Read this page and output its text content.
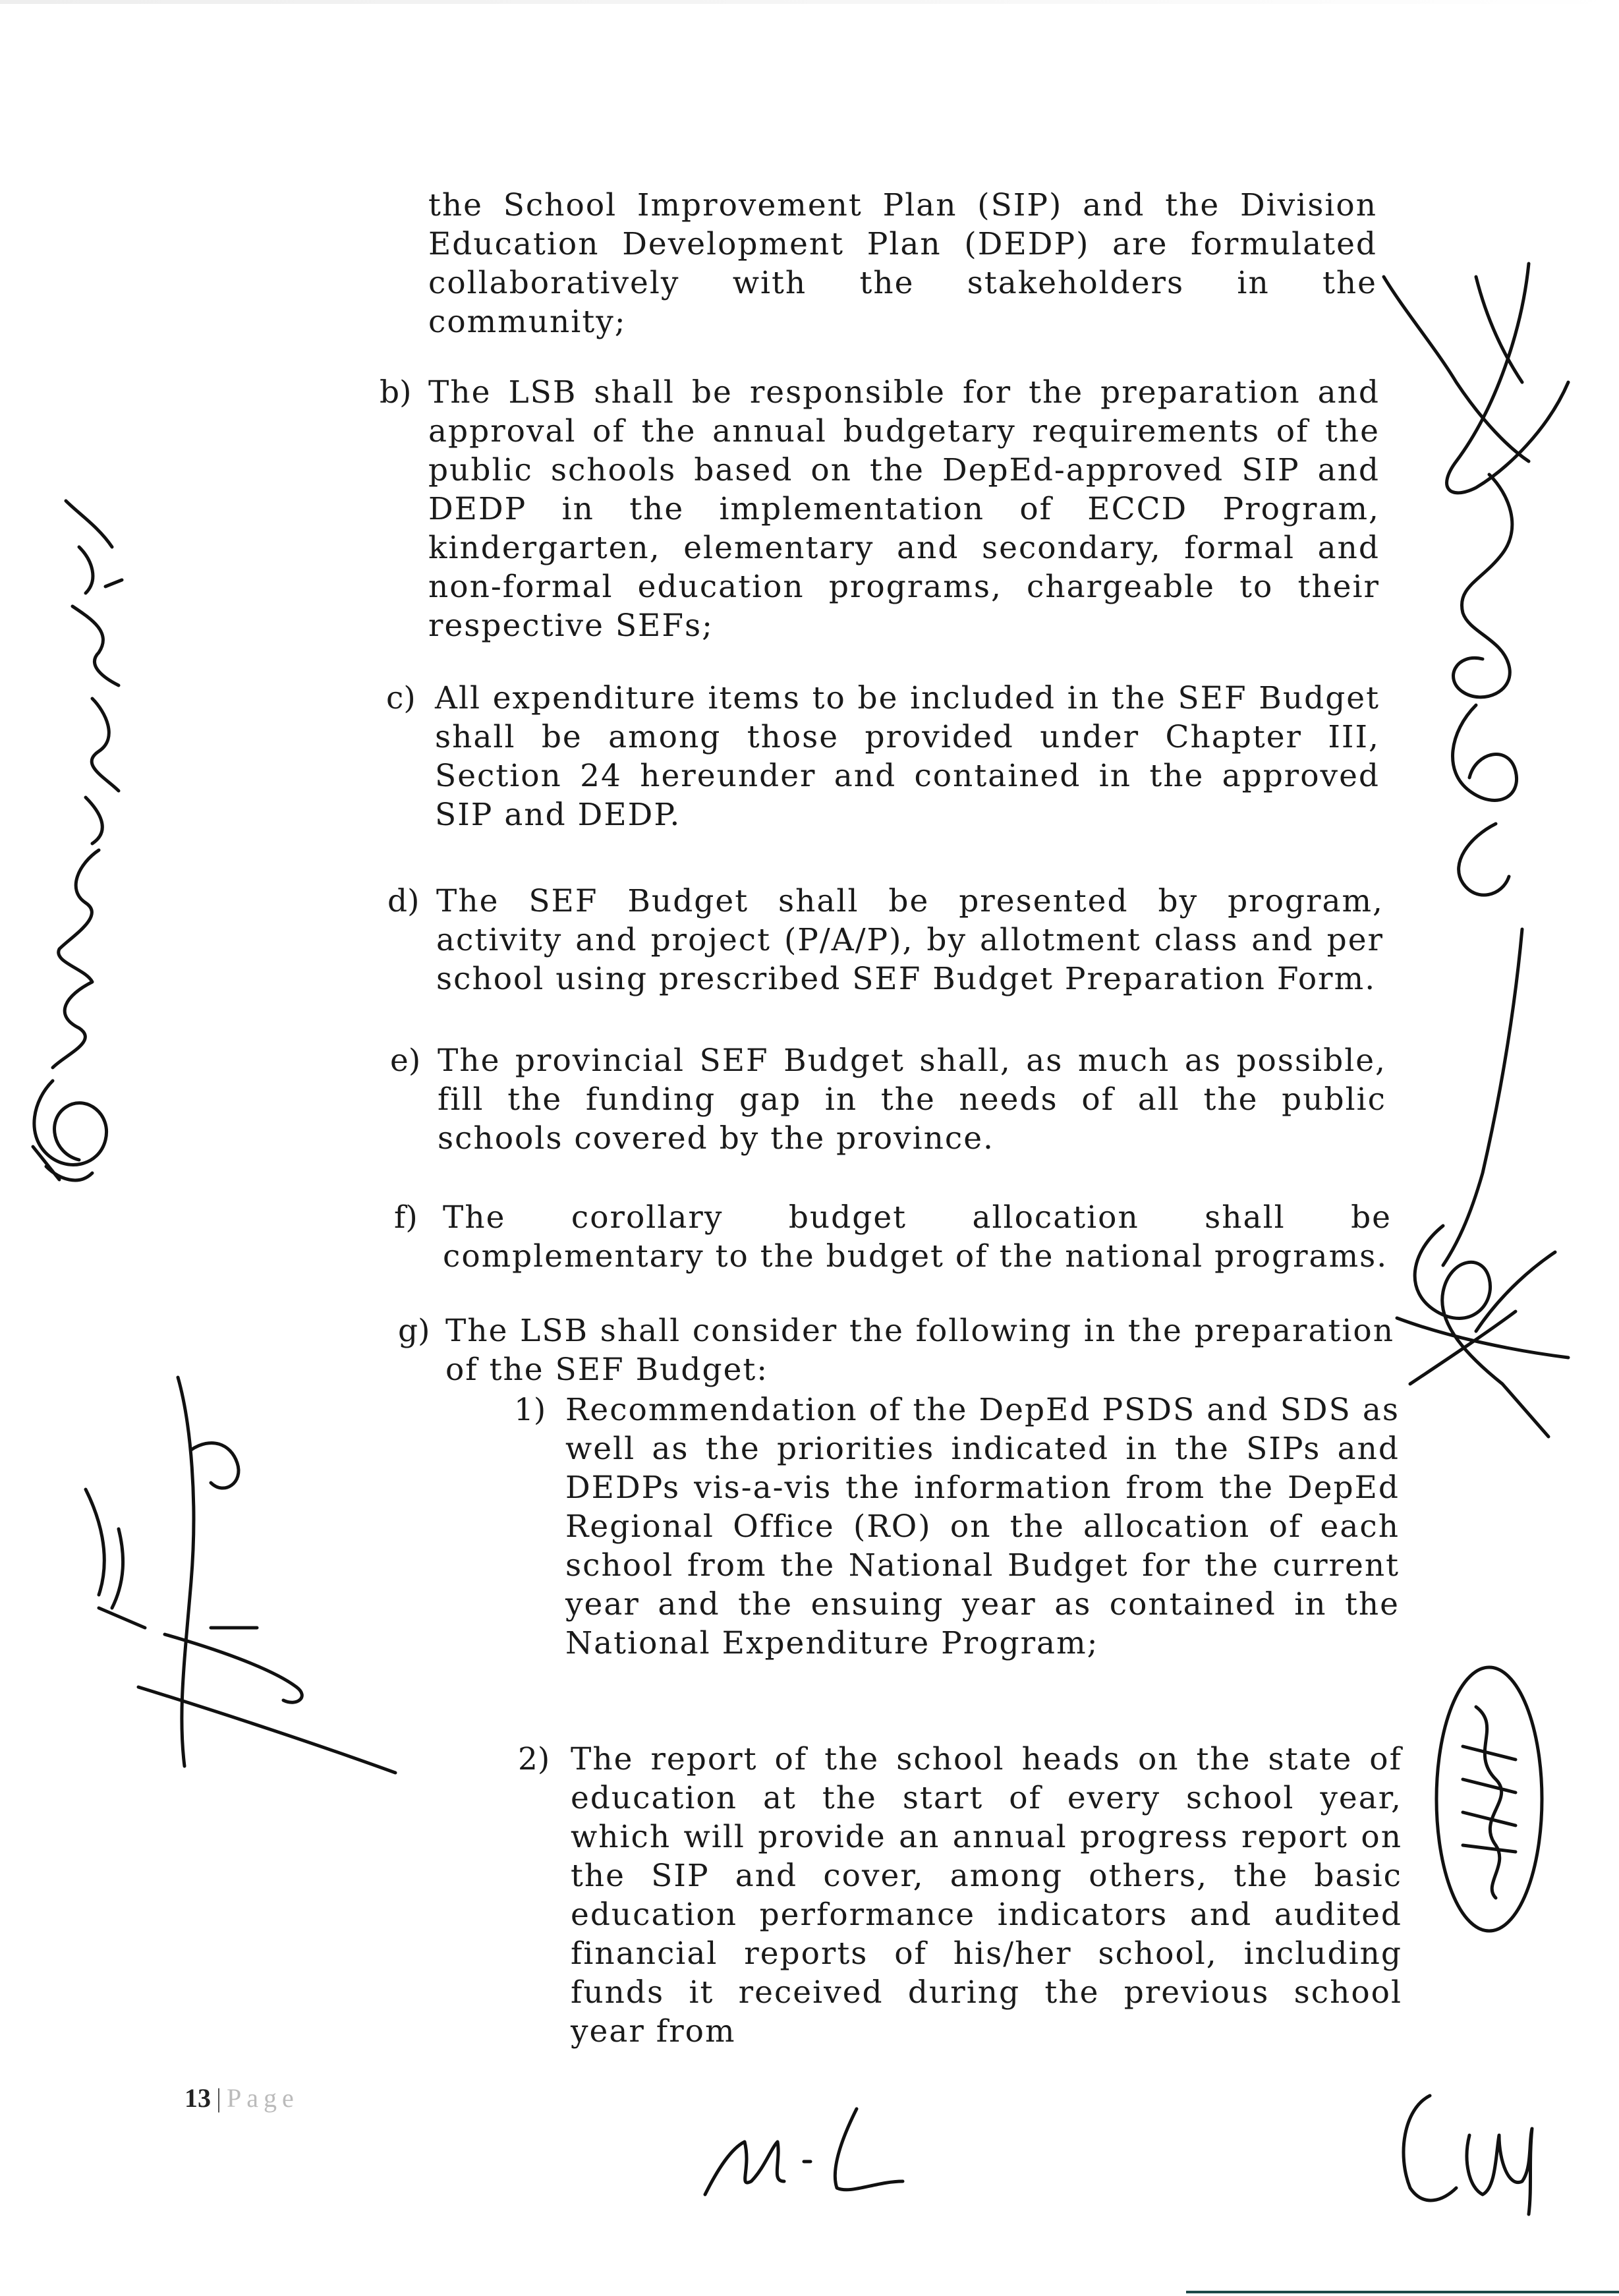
the School Improvement Plan (SIP) and the Division Education Development Plan (DEDP) are formulated collaboratively with the stakeholders in the community;
b) The LSB shall be responsible for the preparation and approval of the annual budgetary requirements of the public schools based on the DepEd-approved SIP and DEDP in the implementation of ECCD Program, kindergarten, elementary and secondary, formal and non-formal education programs, chargeable to their respective SEFs;
c) All expenditure items to be included in the SEF Budget shall be among those provided under Chapter III, Section 24 hereunder and contained in the approved SIP and DEDP.
d) The SEF Budget shall be presented by program, activity and project (P/A/P), by allotment class and per school using prescribed SEF Budget Preparation Form.
e) The provincial SEF Budget shall, as much as possible, fill the funding gap in the needs of all the public schools covered by the province.
f) The corollary budget allocation shall be complementary to the budget of the national programs.
g) The LSB shall consider the following in the preparation of the SEF Budget:
1) Recommendation of the DepEd PSDS and SDS as well as the priorities indicated in the SIPs and DEDPs vis-a-vis the information from the DepEd Regional Office (RO) on the allocation of each school from the National Budget for the current year and the ensuing year as contained in the National Expenditure Program;
2) The report of the school heads on the state of education at the start of every school year, which will provide an annual progress report on the SIP and cover, among others, the basic education performance indicators and audited financial reports of his/her school, including funds it received during the previous school year from
13 | Page
